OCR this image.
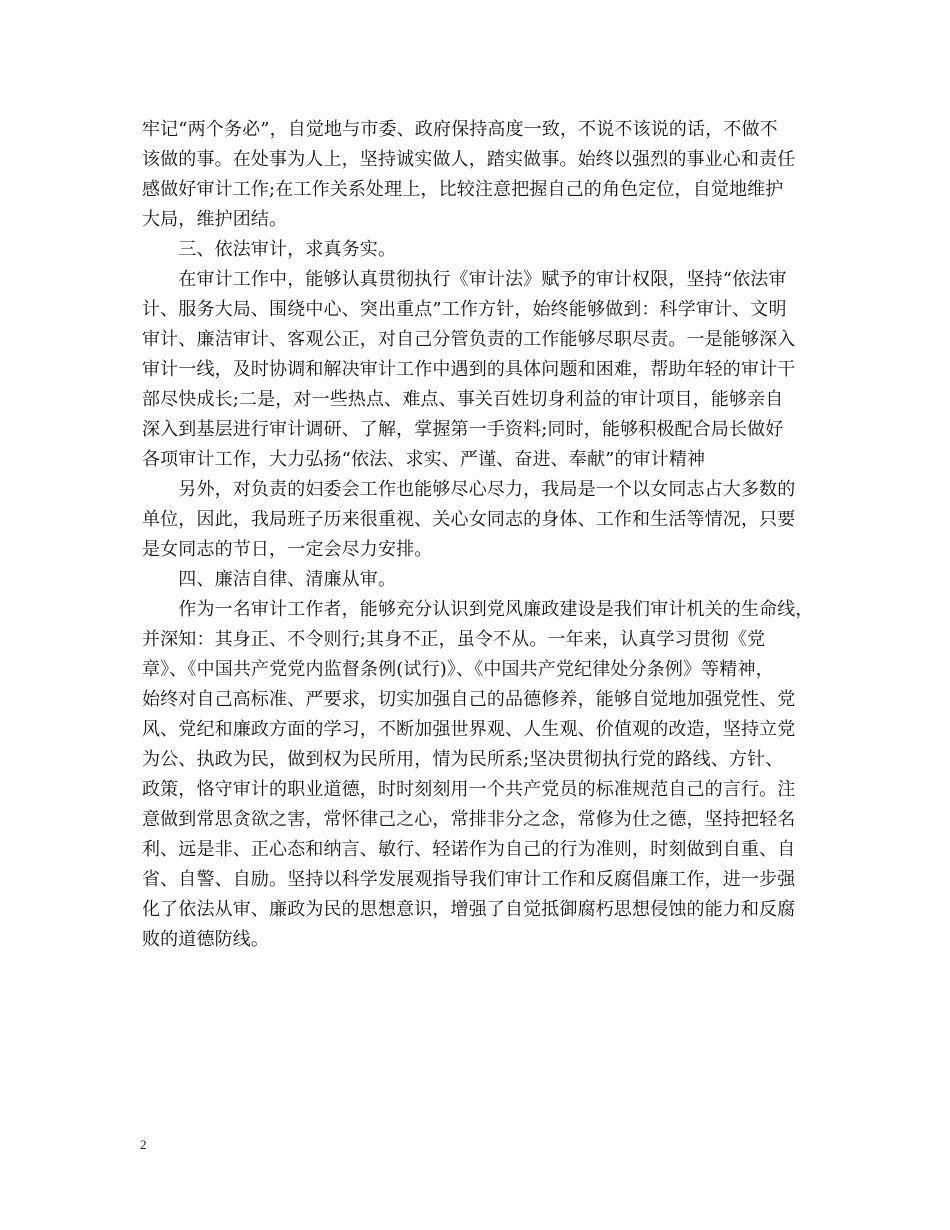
牢记“两个务必”，自觉地与市委、政府保持高度一致，不说不该说的话，不做不
该做的事。在处事为人上，坚持诚实做人，踏实做事。始终以强烈的事业心和责任
感做好审计工作;在工作关系处理上，比较注意把握自己的角色定位，自觉地维护
大局，维护团结。
　　三、依法审计，求真务实。
　　在审计工作中，能够认真贯彻执行《审计法》赋予的审计权限，坚持“依法审
计、服务大局、围绕中心、突出重点”工作方针，始终能够做到：科学审计、文明
审计、廉洁审计、客观公正，对自己分管负责的工作能够尽职尽责。一是能够深入
审计一线，及时协调和解决审计工作中遇到的具体问题和困难，帮助年轻的审计干
部尽快成长;二是，对一些热点、难点、事关百姓切身利益的审计项目，能够亲自
深入到基层进行审计调研、了解，掌握第一手资料;同时，能够积极配合局长做好
各项审计工作，大力弘扬“依法、求实、严谨、奋进、奉献”的审计精神
　　另外，对负责的妇委会工作也能够尽心尽力，我局是一个以女同志占大多数的
单位，因此，我局班子历来很重视、关心女同志的身体、工作和生活等情况，只要
是女同志的节日，一定会尽力安排。
　　四、廉洁自律、清廉从审。
　　作为一名审计工作者，能够充分认识到党风廉政建设是我们审计机关的生命线，
并深知：其身正、不令则行;其身不正，虽令不从。一年来，认真学习贯彻《党
章》、《中国共产党党内监督条例(试行)》、《中国共产党纪律处分条例》等精神，
始终对自己高标准、严要求，切实加强自己的品德修养，能够自觉地加强党性、党
风、党纪和廉政方面的学习，不断加强世界观、人生观、价值观的改造，坚持立党
为公、执政为民，做到权为民所用，情为民所系;坚决贯彻执行党的路线、方针、
政策，恪守审计的职业道德，时时刻刻用一个共产党员的标准规范自己的言行。注
意做到常思贪欲之害，常怀律己之心，常排非分之念，常修为仕之德，坚持把轻名
利、远是非、正心态和纳言、敏行、轻诺作为自己的行为准则，时刻做到自重、自
省、自警、自励。坚持以科学发展观指导我们审计工作和反腐倡廉工作，进一步强
化了依法从审、廉政为民的思想意识，增强了自觉抵御腐朽思想侵蚀的能力和反腐
败的道德防线。
2
